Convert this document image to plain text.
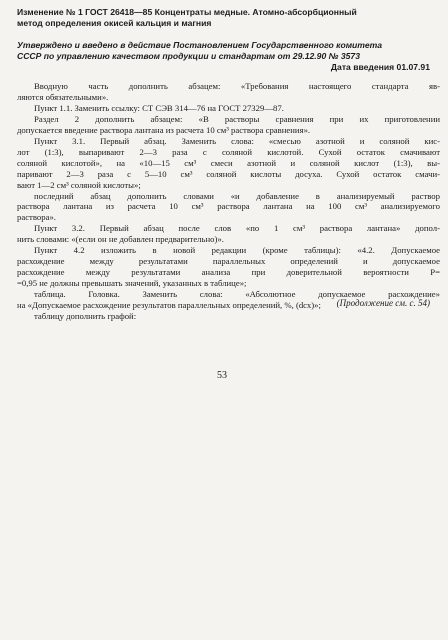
Изменение № 1 ГОСТ 26418—85 Концентраты медные. Атомно-абсорбционный
метод определения окисей кальция и магния
Утверждено и введено в действие Постановлением Государственного комитета
СССР по управлению качеством продукции и стандартам от 29.12.90 № 3573
Дата введения 01.07.91
Вводную часть дополнить абзацем: «Требования настоящего стандарта яв-
ляются обязательными».
Пункт 1.1. Заменить ссылку: СТ СЭВ 314—76 на ГОСТ 27329—87.
Раздел 2 дополнить абзацем: «В растворы сравнения при их приготовлении
допускается введение раствора лантана из расчета 10 см³ раствора сравнения».
Пункт 3.1. Первый абзац. Заменить слова: «смесью азотной и соляной кис-
лот (1:3), выпаривают 2—3 раза с соляной кислотой. Сухой остаток смачивают
соляной кислотой», на «10—15 см³ смеси азотной и соляной кислот (1:3), вы-
паривают 2—3 раза с 5—10 см³ соляной кислоты досуха. Сухой остаток смачи-
вают 1—2 см³ соляной кислоты»;
последний абзац дополнить словами «и добавление в анализируемый раствор
раствора лантана из расчета 10 см³ раствора лантана на 100 см³ анализируемого
раствора».
Пункт 3.2. Первый абзац после слов «по 1 см³ раствора лантана» допол-
нить словами: «(если он не добавлен предварительно)».
Пункт 4.2 изложить в новой редакции (кроме таблицы): «4.2. Допускаемое
расхождение между результатами параллельных определений и допускаемое
расхождение между результатами анализа при доверительной вероятности P=
=0,95 не должны превышать значений, указанных в таблице»;
таблица. Головка. Заменить слова: «Абсолютное допускаемое расхождение»
на «Допускаемое расхождение результатов параллельных определений, %, (dсх)»;
таблицу дополнить графой:
(Продолжение см. с. 54)
53
